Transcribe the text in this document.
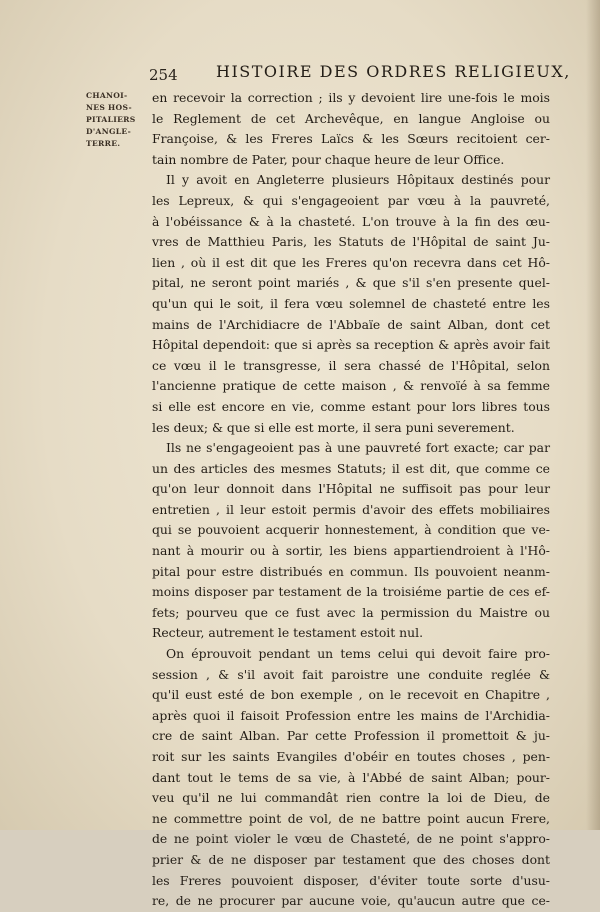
254 HISTOIRE DES ORDRES RELIGIEUX,
CHANOI-
NES HOS-
PITALIERS
D'ANGLE-
TERRE.
en recevoir la correction ; ils y devoient lire une-fois le mois
le Reglement de cet Archevêque, en langue Angloise ou
Françoise, & les Freres Laïcs & les Sœurs recitoient cer-
tain nombre de Pater, pour chaque heure de leur Office.
Il y avoit en Angleterre plusieurs Hôpitaux destinés pour
les Lepreux, & qui s'engageoient par vœu à la pauvreté,
à l'obéissance & à la chasteté. L'on trouve à la fin des œu-
vres de Matthieu Paris, les Statuts de l'Hôpital de saint Ju-
lien , où il est dit que les Freres qu'on recevra dans cet Hô-
pital, ne seront point mariés , & que s'il s'en presente quel-
qu'un qui le soit, il fera vœu solemnel de chasteté entre les
mains de l'Archidiacre de l'Abbaïe de saint Alban, dont cet
Hôpital dependoit: que si après sa reception & après avoir fait
ce vœu il le transgresse, il sera chassé de l'Hôpital, selon
l'ancienne pratique de cette maison , & renvoïé à sa femme
si elle est encore en vie, comme estant pour lors libres tous
les deux; & que si elle est morte, il sera puni severement.
Ils ne s'engageoient pas à une pauvreté fort exacte; car par
un des articles des mesmes Statuts; il est dit, que comme ce
qu'on leur donnoit dans l'Hôpital ne suffisoit pas pour leur
entretien , il leur estoit permis d'avoir des effets mobiliaires
qui se pouvoient acquerir honnestement, à condition que ve-
nant à mourir ou à sortir, les biens appartiendroient à l'Hô-
pital pour estre distribués en commun. Ils pouvoient neanm-
moins disposer par testament de la troisiéme partie de ces ef-
fets; pourveu que ce fust avec la permission du Maistre ou
Recteur, autrement le testament estoit nul.
On éprouvoit pendant un tems celui qui devoit faire pro-
session , & s'il avoit fait paroistre une conduite reglée &
qu'il eust esté de bon exemple , on le recevoit en Chapitre ,
après quoi il faisoit Profession entre les mains de l'Archidia-
cre de saint Alban. Par cette Profession il promettoit & ju-
roit sur les saints Evangiles d'obéir en toutes choses , pen-
dant tout le tems de sa vie, à l'Abbé de saint Alban; pour-
veu qu'il ne lui commandât rien contre la loi de Dieu, de
ne commettre point de vol, de ne battre point aucun Frere,
de ne point violer le vœu de Chasteté, de ne point s'appro-
prier & de ne disposer par testament que des choses dont
les Freres pouvoient disposer, d'éviter toute sorte d'usu-
re, de ne procurer par aucune voie, qu'aucun autre que ce-
